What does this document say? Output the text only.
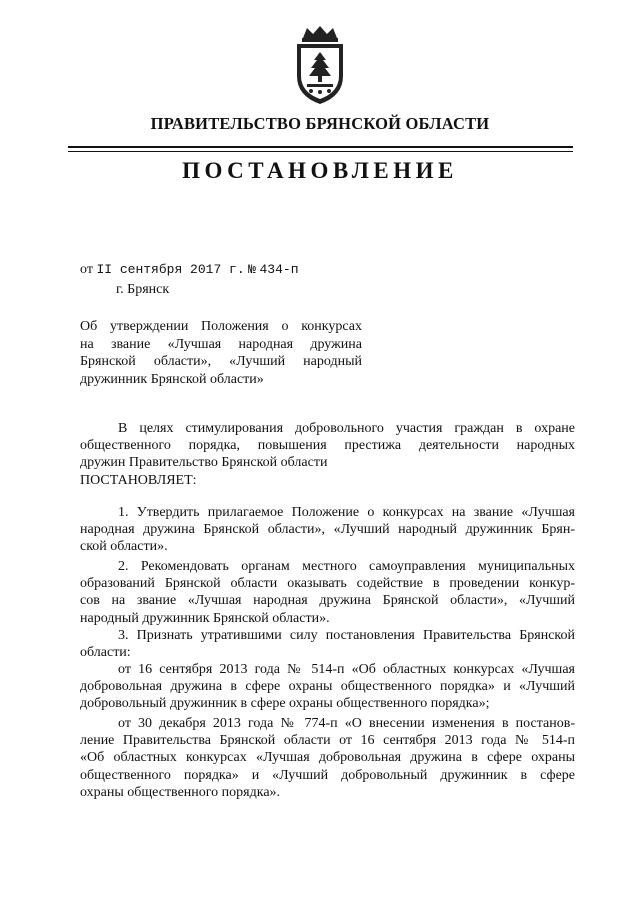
ПРАВИТЕЛЬСТВО БРЯНСКОЙ ОБЛАСТИ
ПОСТАНОВЛЕНИЕ
от II сентября 2017 г. № 434-п
г. Брянск
Об утверждении Положения о конкурсах
на звание «Лучшая народная дружина
Брянской области», «Лучший народный
дружинник Брянской области»
В целях стимулирования добровольного участия граждан в охране
общественного порядка, повышения престижа деятельности народных
дружин Правительство Брянской области
ПОСТАНОВЛЯЕТ:
1. Утвердить прилагаемое Положение о конкурсах на звание «Лучшая
народная дружина Брянской области», «Лучший народный дружинник Брян-
ской области».
2. Рекомендовать органам местного самоуправления муниципальных
образований Брянской области оказывать содействие в проведении конкур-
сов на звание «Лучшая народная дружина Брянской области», «Лучший
народный дружинник Брянской области».
3. Признать утратившими силу постановления Правительства Брянской
области:
от 16 сентября 2013 года № 514-п «Об областных конкурсах «Лучшая
добровольная дружина в сфере охраны общественного порядка» и «Лучший
добровольный дружинник в сфере охраны общественного порядка»;
от 30 декабря 2013 года № 774-п «О внесении изменения в постанов-
ление Правительства Брянской области от 16 сентября 2013 года № 514-п
«Об областных конкурсах «Лучшая добровольная дружина в сфере охраны
общественного порядка» и «Лучший добровольный дружинник в сфере
охраны общественного порядка».
